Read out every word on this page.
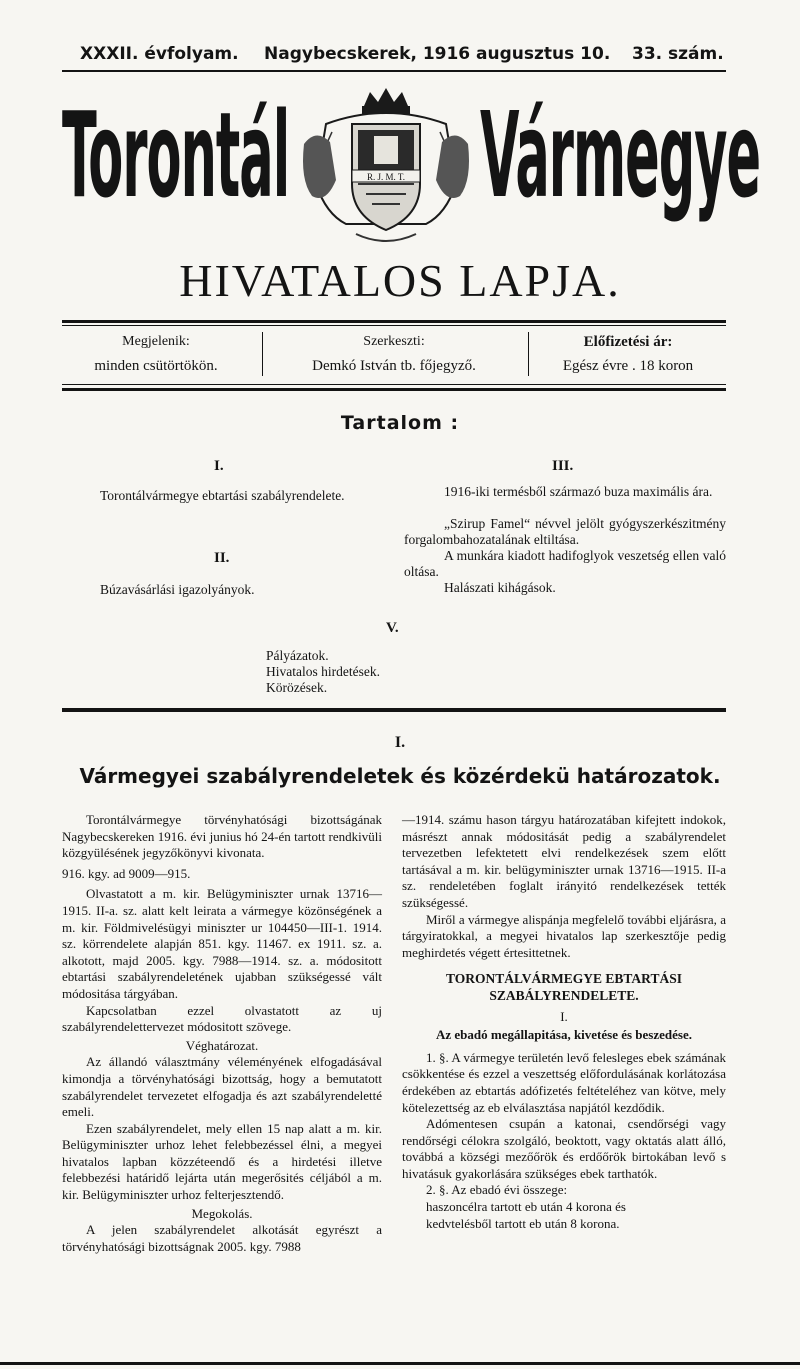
XXXII. évfolyam. Nagybecskerek, 1916 augusztus 10. 33. szám.
Torontál Vármegye
R. J. M. T.
HIVATALOS LAPJA.
Megjelenik:
minden csütörtökön.
Szerkeszti:
Demkó István tb. főjegyző.
Előfizetési ár:
Egész évre . 18 koron
Tartalom :
I.
Torontálvármegye ebtartási szabályrendelete.
II.
Búzavásárlási igazolyányok.
III.
1916-iki termésből származó buza maximális ára.
„Szirup Famel“ névvel jelölt gyógyszerkészitmény forgalombahozatalának eltiltása.
A munkára kiadott hadifoglyok veszetség ellen való oltása.
Halászati kihágások.
V.
Pályázatok.
Hivatalos hirdetések.
Körözések.
I.
Vármegyei szabályrendeletek és közérdekü határozatok.

Torontálvármegye törvényhatósági bizottságának Nagybecskereken 1916. évi junius hó 24-én tartott rendkivüli közgyülésének jegyzőkönyvi kivonata.

916. kgy. ad 9009—915.

Olvastatott a m. kir. Belügyminiszter urnak 13716—1915. II-a. sz. alatt kelt leirata a vármegye közönségének a m. kir. Földmivelésügyi miniszter ur 104450—III-1. 1914. sz. körrendelete alapján 851. kgy. 11467. ex 1911. sz. a. alkotott, majd 2005. kgy. 7988—1914. sz. a. módositott ebtartási szabályrendeletének ujabban szükségessé vált módositása tárgyában.

Kapcsolatban ezzel olvastatott az uj szabályrendelettervezet módositott szövege.

Véghatározat.

Az állandó választmány véleményének elfogadásával kimondja a törvényhatósági bizottság, hogy a bemutatott szabályrendelet tervezetet elfogadja és azt szabályrendeletté emeli.

Ezen szabályrendelet, mely ellen 15 nap alatt a m. kir. Belügyminiszter urhoz lehet felebbezéssel élni, a megyei hivatalos lapban közzéteendő és a hirdetési illetve felebbezési határidő lejárta után megerősités céljából a m. kir. Belügyminiszter urhoz felterjesztendő.

Megokolás.

A jelen szabályrendelet alkotását egyrészt a törvényhatósági bizottságnak 2005. kgy. 7988

—1914. számu hason tárgyu határozatában kifejtett indokok, másrészt annak módositását pedig a szabályrendelet tervezetben lefektetett elvi rendelkezések szem előtt tartásával a m. kir. belügyminiszter urnak 13716—1915. II-a sz. rendeletében foglalt irányitó rendelkezések tették szükségessé.

Miről a vármegye alispánja megfelelő további eljárásra, a tárgyiratokkal, a megyei hivatalos lap szerkesztője pedig meghirdetés végett értesittetnek.

TORONTÁLVÁRMEGYE EBTARTÁSI

SZABÁLYRENDELETE.

I.

Az ebadó megállapitása, kivetése és beszedése.

1. §. A vármegye területén levő felesleges ebek számának csökkentése és ezzel a veszettség előfordulásának korlátozása érdekében az ebtartás adófizetés feltételéhez van kötve, mely kötelezettség az eb elválasztása napjától kezdődik.

Adómentesen csupán a katonai, csendőrségi vagy rendőrségi célokra szolgáló, beoktott, vagy oktatás alatt álló, továbbá a községi mezőőrök és erdőőrök birtokában levő s hivatásuk gyakorlására szükséges ebek tarthatók.

2. §. Az ebadó évi összege:

haszoncélra tartott eb után 4 korona és

kedvtelésből tartott eb után 8 korona.
